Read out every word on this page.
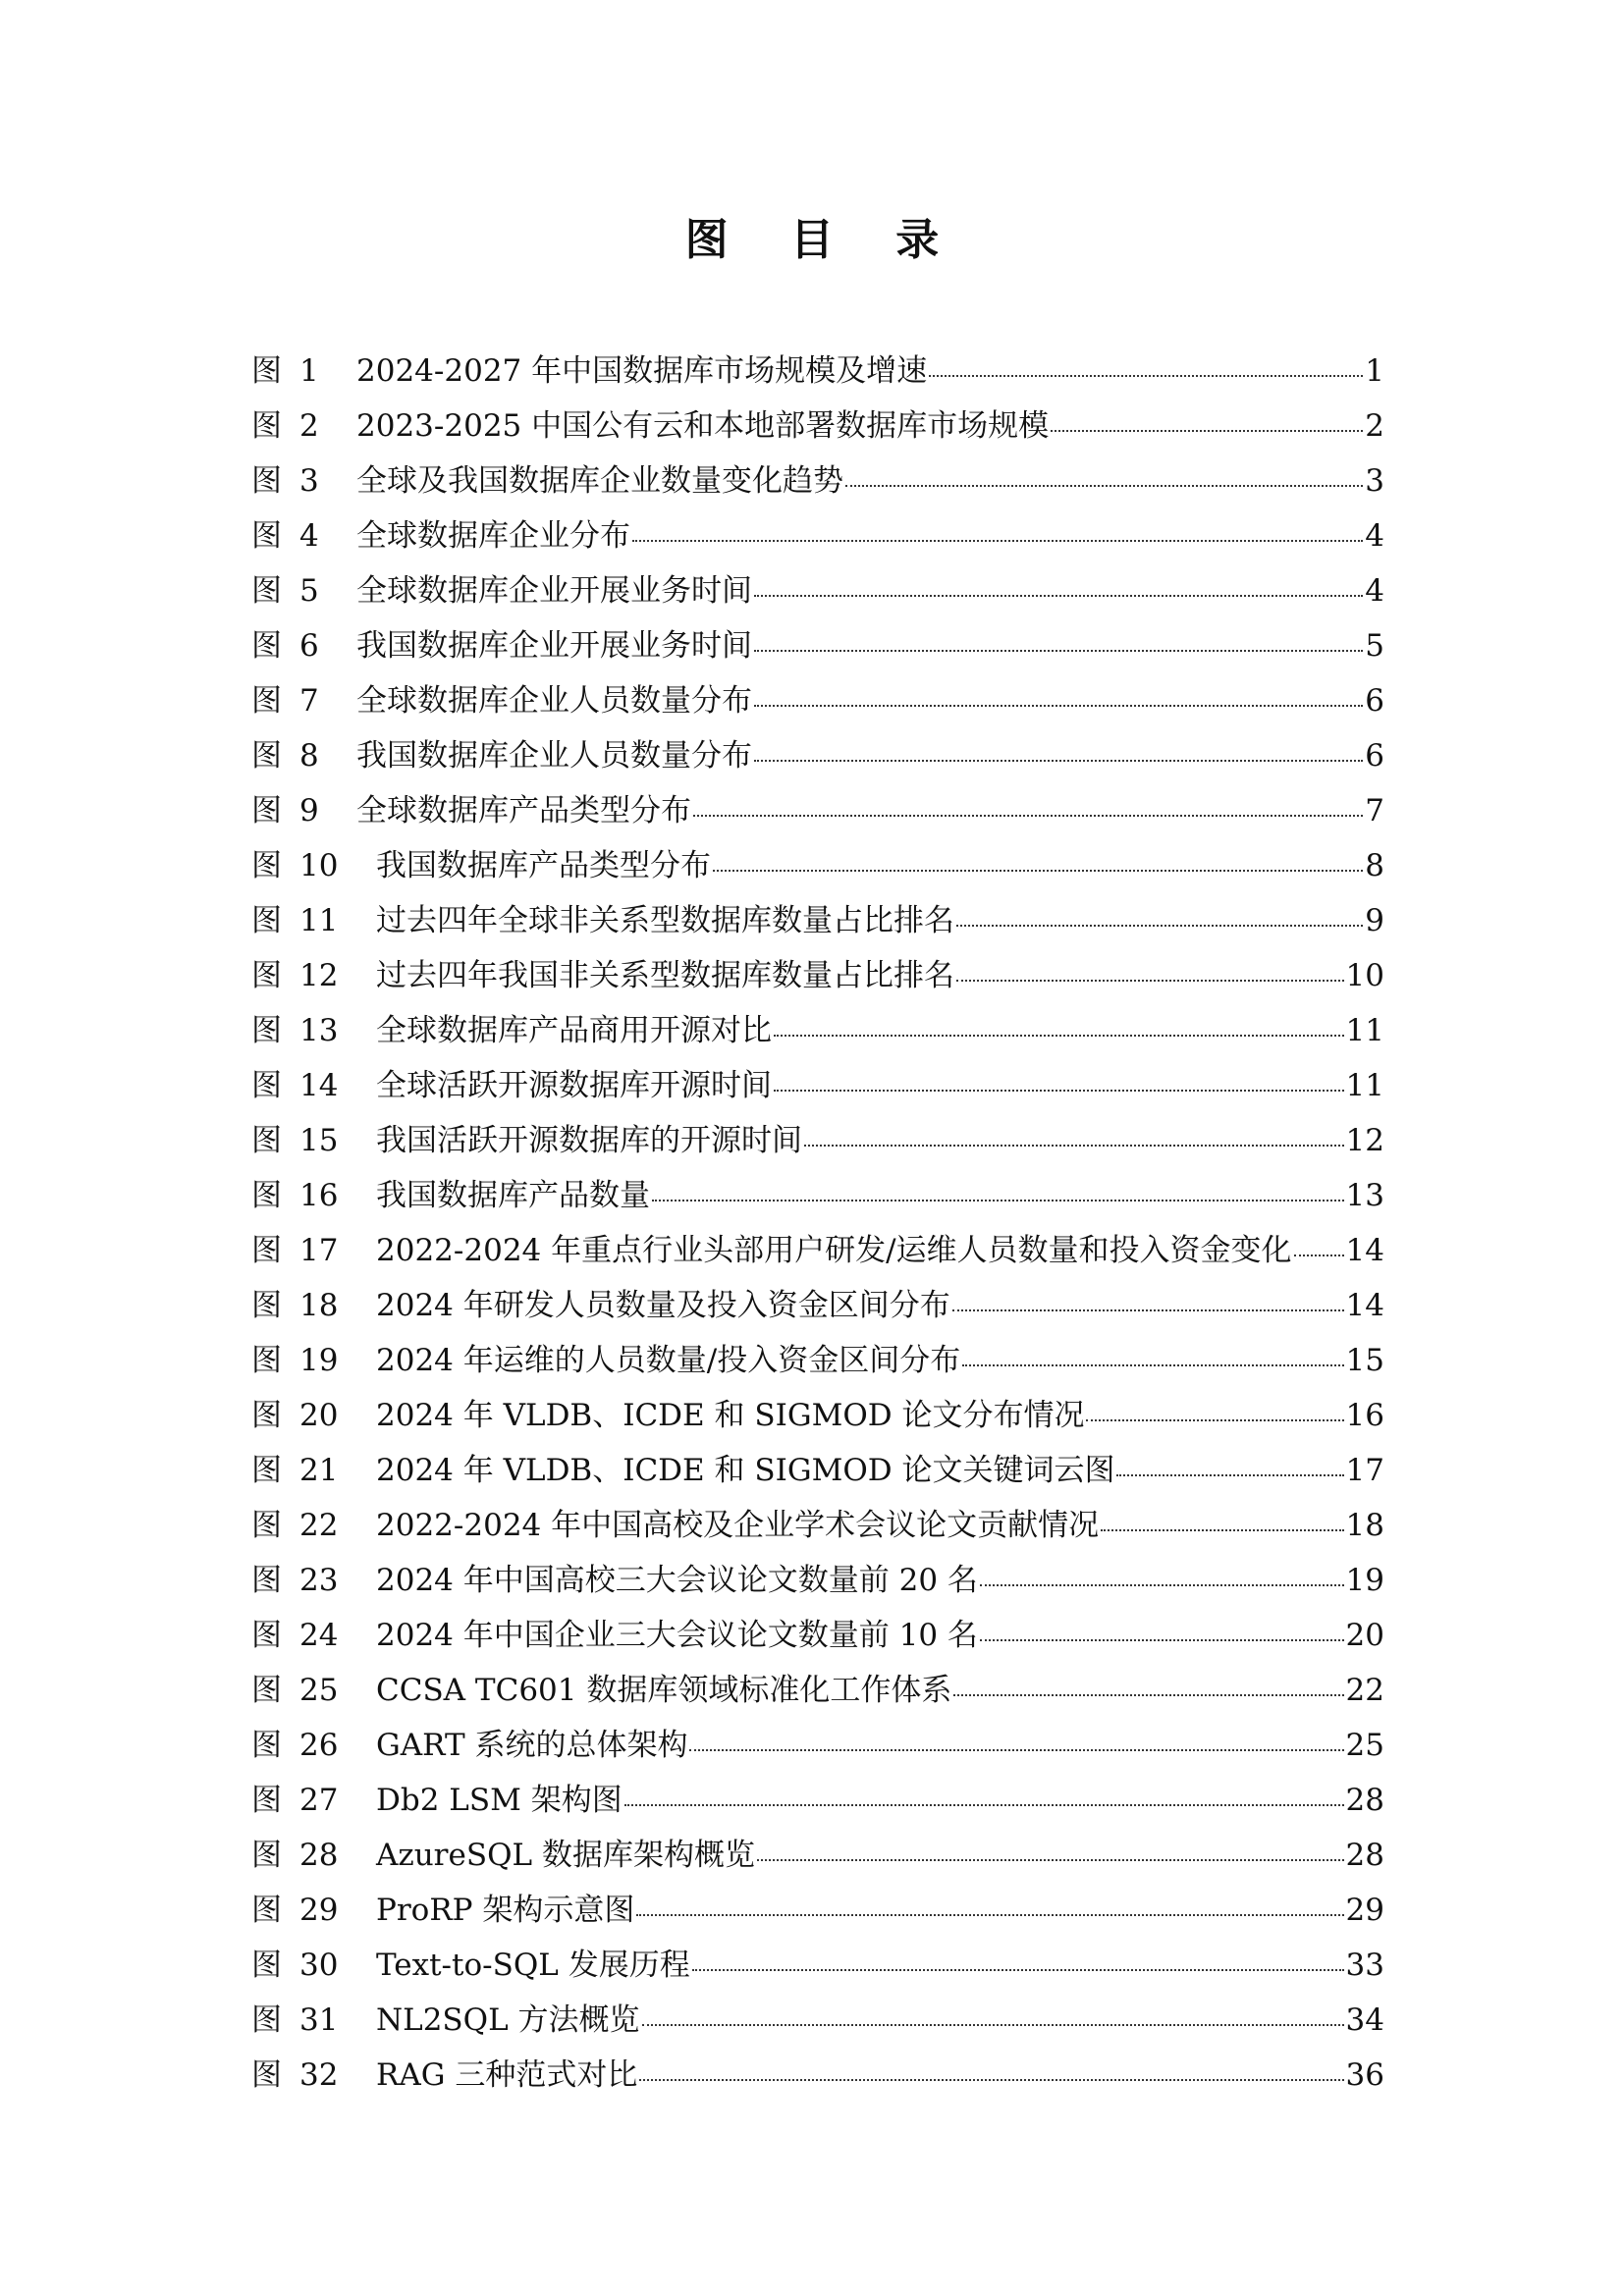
图 目 录
图 1	2024-2027 年中国数据库市场规模及增速	1
图 2	2023-2025 中国公有云和本地部署数据库市场规模	2
图 3	全球及我国数据库企业数量变化趋势	3
图 4	全球数据库企业分布	4
图 5	全球数据库企业开展业务时间	4
图 6	我国数据库企业开展业务时间	5
图 7	全球数据库企业人员数量分布	6
图 8	我国数据库企业人员数量分布	6
图 9	全球数据库产品类型分布	7
图 10	我国数据库产品类型分布	8
图 11	过去四年全球非关系型数据库数量占比排名	9
图 12	过去四年我国非关系型数据库数量占比排名	10
图 13	全球数据库产品商用开源对比	11
图 14	全球活跃开源数据库开源时间	11
图 15	我国活跃开源数据库的开源时间	12
图 16	我国数据库产品数量	13
图 17	2022-2024 年重点行业头部用户研发/运维人员数量和投入资金变化 14
图 18	2024 年研发人员数量及投入资金区间分布	14
图 19	2024 年运维的人员数量/投入资金区间分布	15
图 20	2024 年 VLDB、ICDE 和 SIGMOD 论文分布情况	16
图 21	2024 年 VLDB、ICDE 和 SIGMOD 论文关键词云图	17
图 22	2022-2024 年中国高校及企业学术会议论文贡献情况	18
图 23	2024 年中国高校三大会议论文数量前 20 名	19
图 24	2024 年中国企业三大会议论文数量前 10 名	20
图 25	CCSA TC601 数据库领域标准化工作体系	22
图 26	GART 系统的总体架构	25
图 27	Db2 LSM 架构图	28
图 28	AzureSQL 数据库架构概览	28
图 29	ProRP 架构示意图	29
图 30	Text-to-SQL 发展历程	33
图 31	NL2SQL 方法概览	34
图 32	RAG 三种范式对比	36
